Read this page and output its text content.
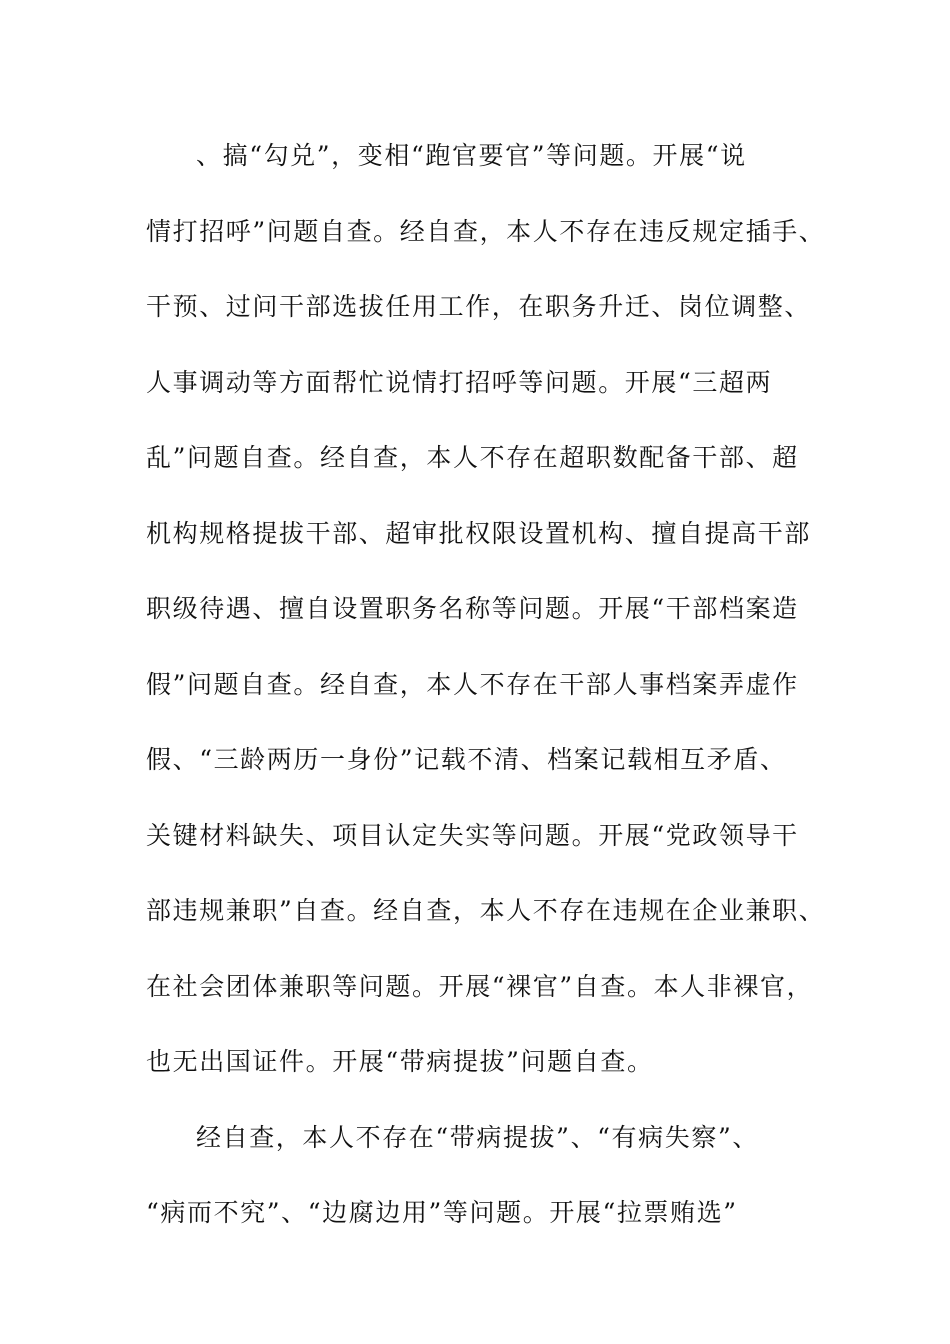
、搞“勾兑”，变相“跑官要官”等问题。开展“说
情打招呼”问题自查。经自查，本人不存在违反规定插手、
干预、过问干部选拔任用工作，在职务升迁、岗位调整、
人事调动等方面帮忙说情打招呼等问题。开展“三超两
乱”问题自查。经自查，本人不存在超职数配备干部、超
机构规格提拔干部、超审批权限设置机构、擅自提高干部
职级待遇、擅自设置职务名称等问题。开展“干部档案造
假”问题自查。经自查，本人不存在干部人事档案弄虚作
假、“三龄两历一身份”记载不清、档案记载相互矛盾、
关键材料缺失、项目认定失实等问题。开展“党政领导干
部违规兼职”自查。经自查，本人不存在违规在企业兼职、
在社会团体兼职等问题。开展“裸官”自查。本人非裸官，
也无出国证件。开展“带病提拔”问题自查。
经自查，本人不存在“带病提拔”、“有病失察”、
“病而不究”、“边腐边用”等问题。开展“拉票贿选”
